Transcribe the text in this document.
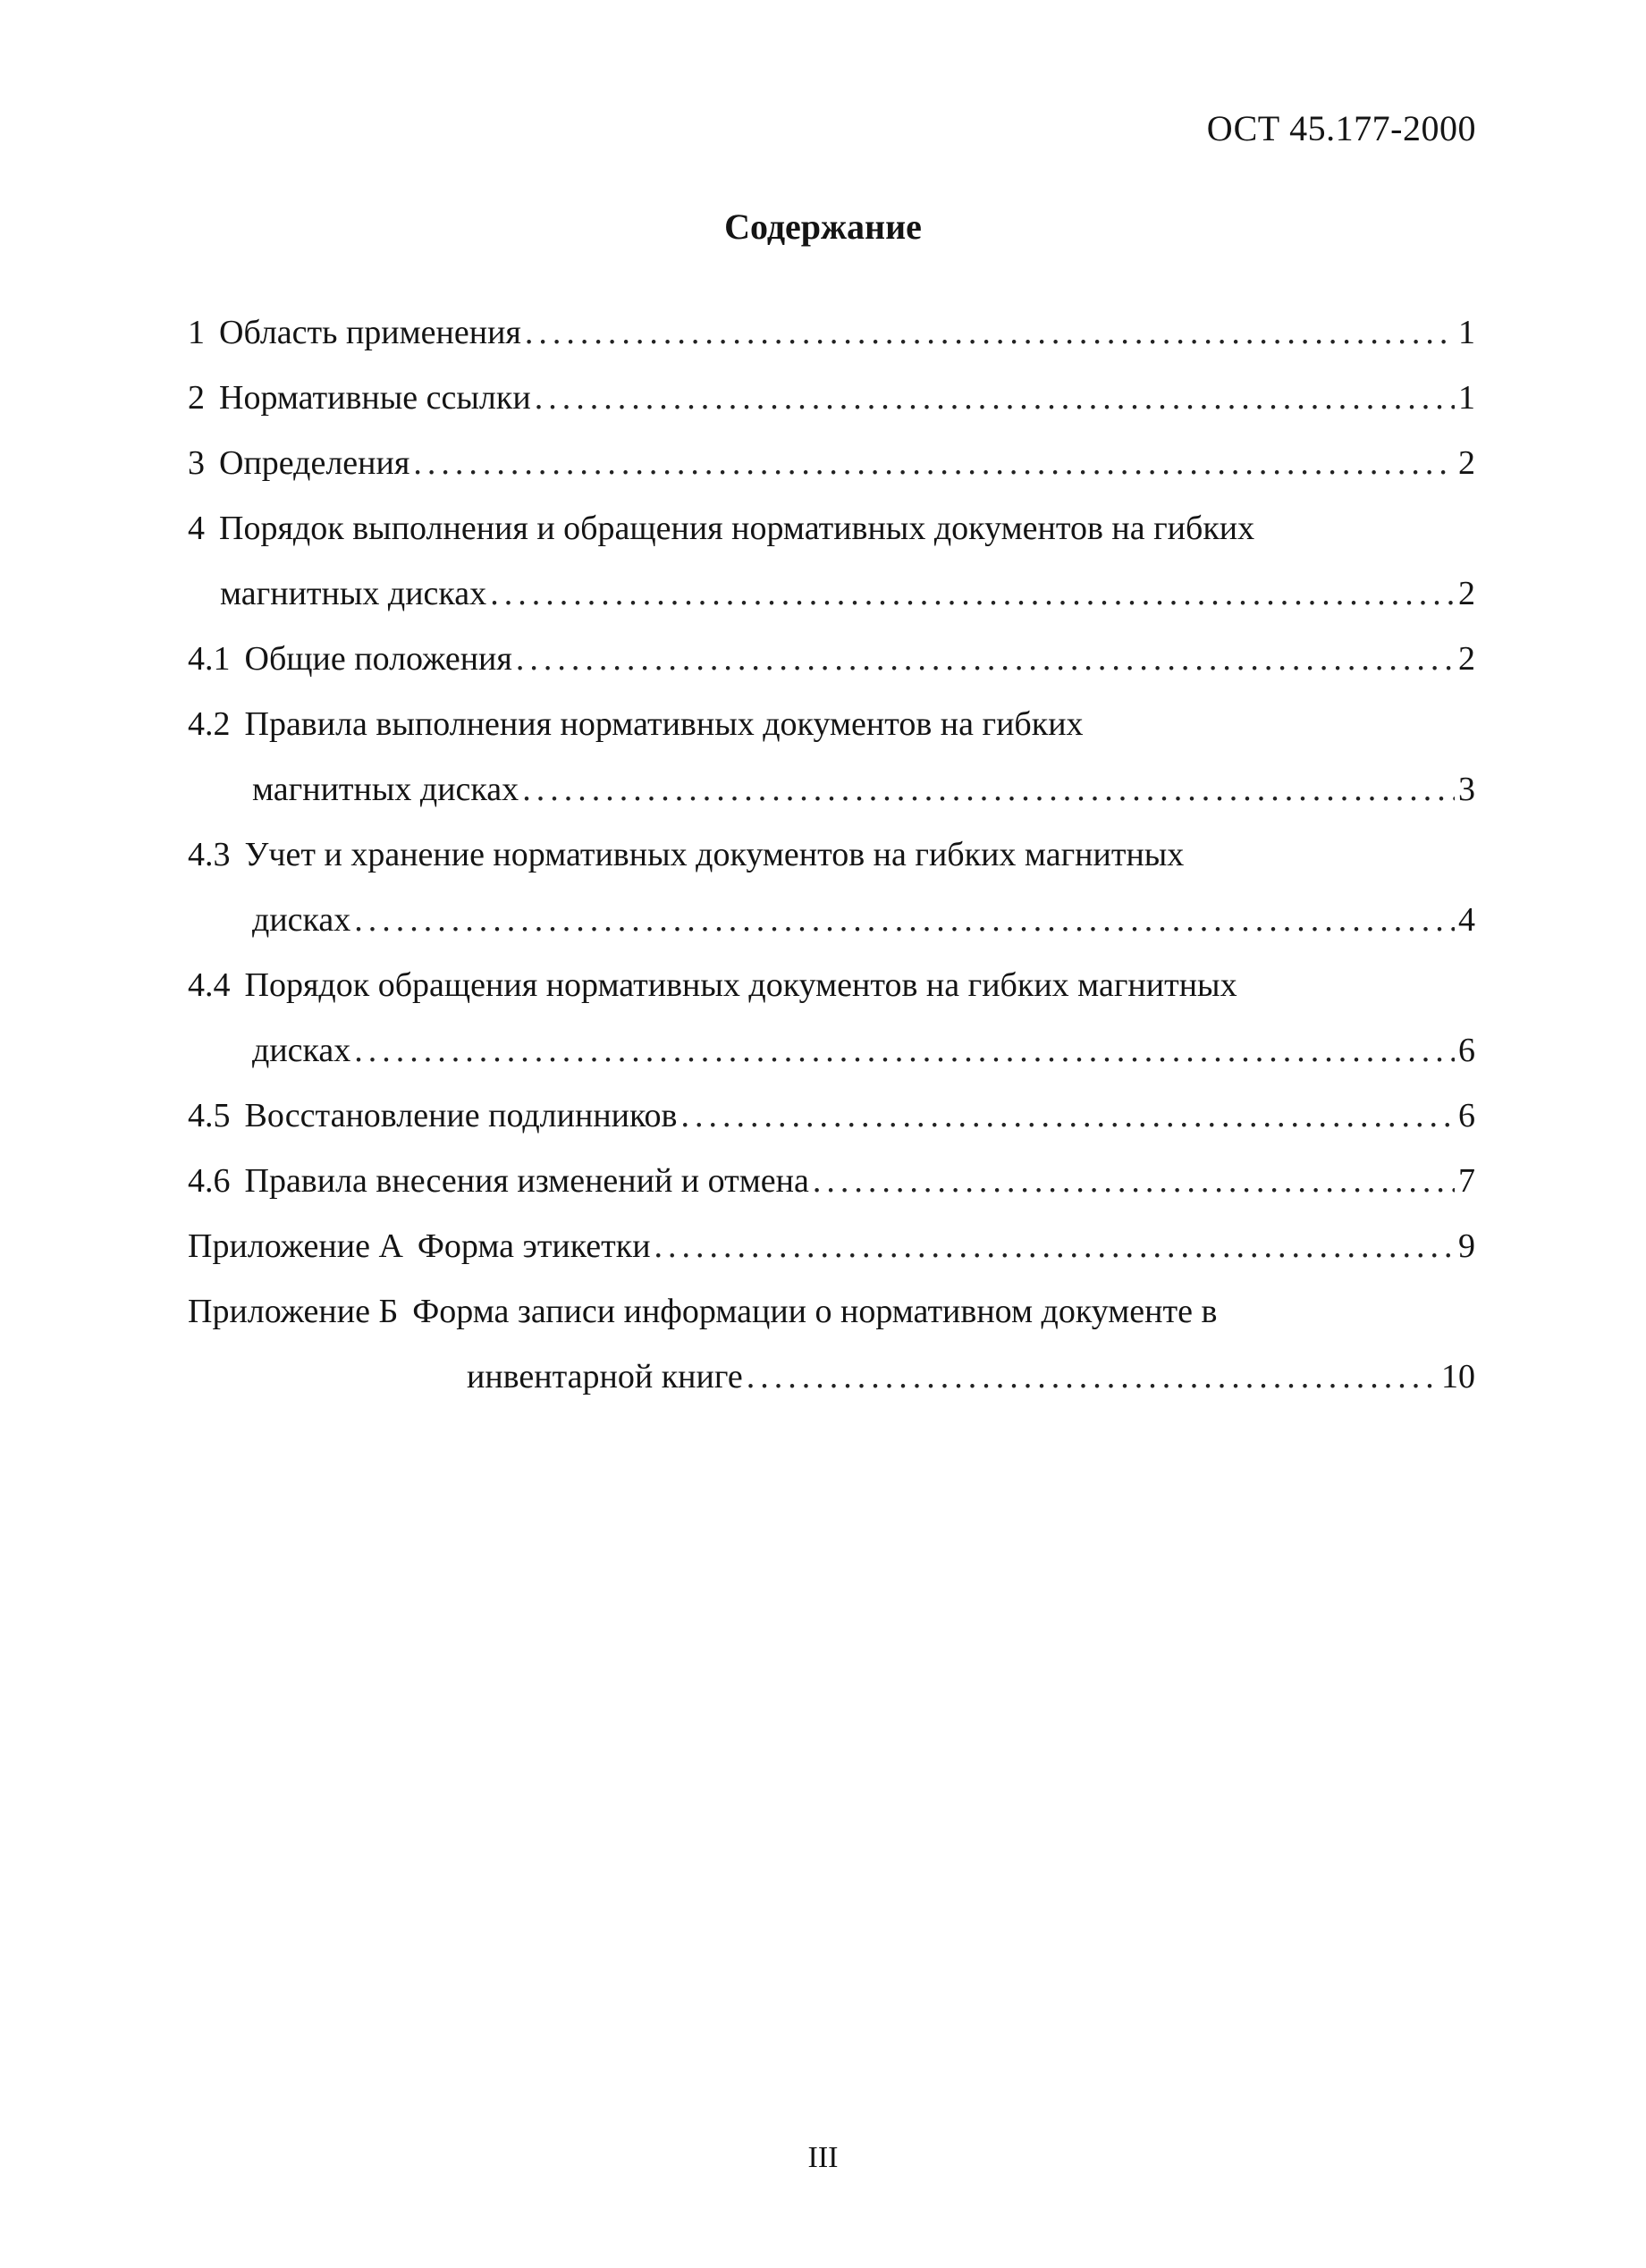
ОСТ 45.177-2000
Содержание
1 Область применения .....	1
2 Нормативные ссылки .....	1
3 Определения .....	2
4 Порядок выполнения и обращения нормативных документов на гибких
магнитных дисках .....	2
4.1 Общие положения .....	2
4.2 Правила выполнения нормативных документов на гибких
магнитных дисках .....	3
4.3 Учет и хранение нормативных документов на гибких магнитных
дисках .....	4
4.4 Порядок обращения нормативных документов на гибких магнитных
дисках .....	6
4.5 Восстановление подлинников .....	6
4.6 Правила внесения изменений и отмена .....	7
Приложение А Форма этикетки .....	9
Приложение Б Форма записи информации о нормативном документе в
инвентарной книге .....	10
III
